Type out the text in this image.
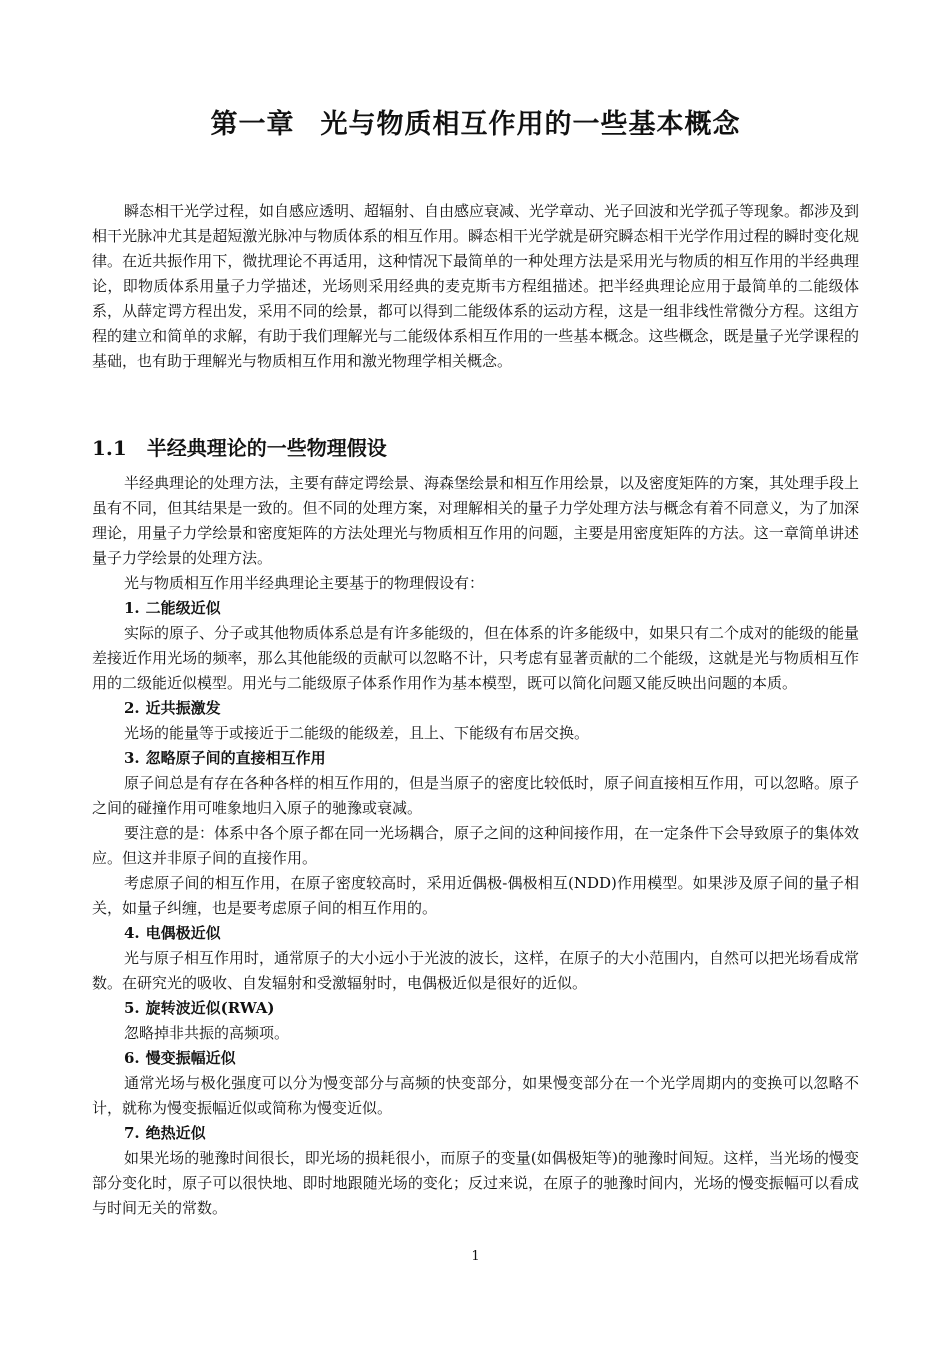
第一章 光与物质相互作用的一些基本概念

瞬态相干光学过程，如自感应透明、超辐射、自由感应衰减、光学章动、光子回波和光学孤子等现象。都涉及到相干光脉冲尤其是超短激光脉冲与物质体系的相互作用。瞬态相干光学就是研究瞬态相干光学作用过程的瞬时变化规律。在近共振作用下，微扰理论不再适用，这种情况下最简单的一种处理方法是采用光与物质的相互作用的半经典理论，即物质体系用量子力学描述，光场则采用经典的麦克斯韦方程组描述。把半经典理论应用于最简单的二能级体系，从薛定谔方程出发，采用不同的绘景，都可以得到二能级体系的运动方程，这是一组非线性常微分方程。这组方程的建立和简单的求解，有助于我们理解光与二能级体系相互作用的一些基本概念。这些概念，既是量子光学课程的基础，也有助于理解光与物质相互作用和激光物理学相关概念。

1.1 半经典理论的一些物理假设

半经典理论的处理方法，主要有薛定谔绘景、海森堡绘景和相互作用绘景，以及密度矩阵的方案，其处理手段上虽有不同，但其结果是一致的。但不同的处理方案，对理解相关的量子力学处理方法与概念有着不同意义，为了加深理论，用量子力学绘景和密度矩阵的方法处理光与物质相互作用的问题，主要是用密度矩阵的方法。这一章简单讲述量子力学绘景的处理方法。

光与物质相互作用半经典理论主要基于的物理假设有：

1. 二能级近似

实际的原子、分子或其他物质体系总是有许多能级的，但在体系的许多能级中，如果只有二个成对的能级的能量差接近作用光场的频率，那么其他能级的贡献可以忽略不计，只考虑有显著贡献的二个能级，这就是光与物质相互作用的二级能近似模型。用光与二能级原子体系作用作为基本模型，既可以简化问题又能反映出问题的本质。

2. 近共振激发

光场的能量等于或接近于二能级的能级差，且上、下能级有布居交换。

3. 忽略原子间的直接相互作用

原子间总是有存在各种各样的相互作用的，但是当原子的密度比较低时，原子间直接相互作用，可以忽略。原子之间的碰撞作用可唯象地归入原子的驰豫或衰减。

要注意的是：体系中各个原子都在同一光场耦合，原子之间的这种间接作用，在一定条件下会导致原子的集体效应。但这并非原子间的直接作用。

考虑原子间的相互作用，在原子密度较高时，采用近偶极-偶极相互(NDD)作用模型。如果涉及原子间的量子相关，如量子纠缠，也是要考虑原子间的相互作用的。

4. 电偶极近似

光与原子相互作用时，通常原子的大小远小于光波的波长，这样，在原子的大小范围内，自然可以把光场看成常数。在研究光的吸收、自发辐射和受激辐射时，电偶极近似是很好的近似。

5. 旋转波近似(RWA)

忽略掉非共振的高频项。

6. 慢变振幅近似

通常光场与极化强度可以分为慢变部分与高频的快变部分，如果慢变部分在一个光学周期内的变换可以忽略不计，就称为慢变振幅近似或简称为慢变近似。

7. 绝热近似

如果光场的驰豫时间很长，即光场的损耗很小，而原子的变量(如偶极矩等)的驰豫时间短。这样，当光场的慢变部分变化时，原子可以很快地、即时地跟随光场的变化；反过来说，在原子的驰豫时间内，光场的慢变振幅可以看成与时间无关的常数。

1
